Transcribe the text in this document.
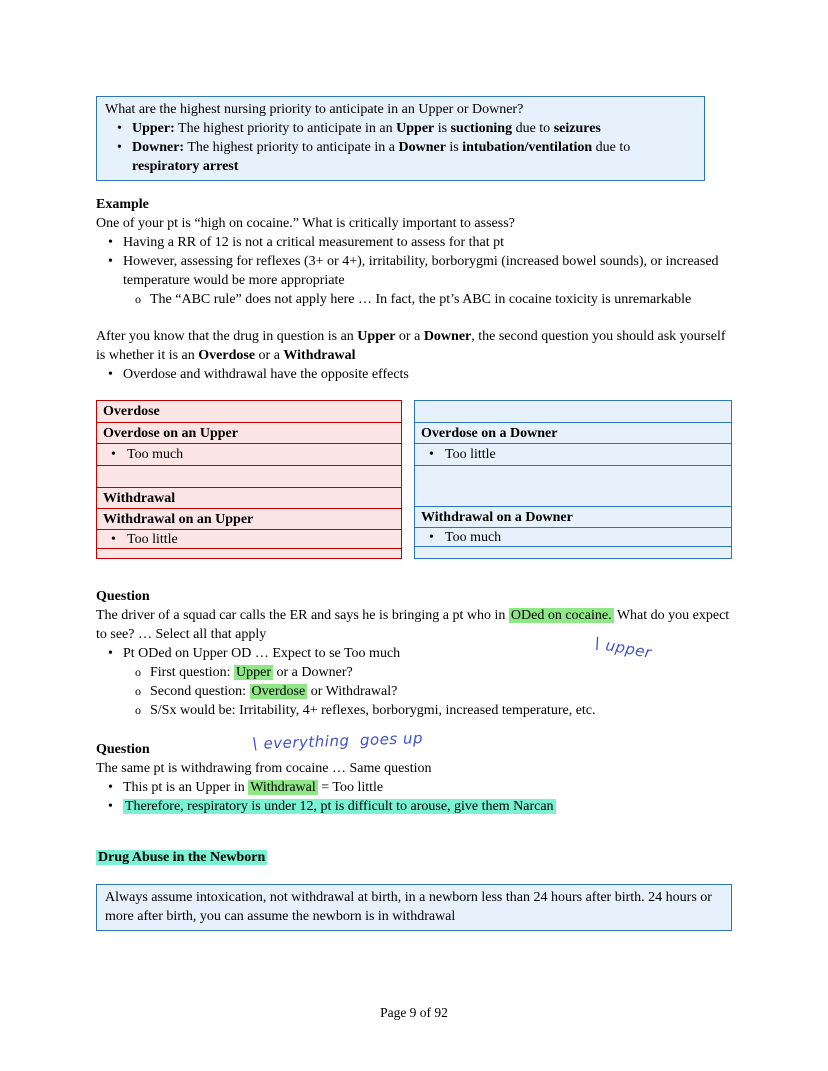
What are the highest nursing priority to anticipate in an Upper or Downer?
• Upper: The highest priority to anticipate in an Upper is suctioning due to seizures
• Downer: The highest priority to anticipate in a Downer is intubation/ventilation due to respiratory arrest
Example
One of your pt is “high on cocaine.” What is critically important to assess?
• Having a RR of 12 is not a critical measurement to assess for that pt
• However, assessing for reflexes (3+ or 4+), irritability, borborygmi (increased bowel sounds), or increased temperature would be more appropriate
o The “ABC rule” does not apply here … In fact, the pt’s ABC in cocaine toxicity is unremarkable
After you know that the drug in question is an Upper or a Downer, the second question you should ask yourself is whether it is an Overdose or a Withdrawal
• Overdose and withdrawal have the opposite effects
Overdose
Overdose on an Upper
• Too much
Withdrawal
Withdrawal on an Upper
• Too little
Overdose on a Downer
• Too little
Withdrawal on a Downer
• Too much
Question
The driver of a squad car calls the ER and says he is bringing a pt who in ODed on cocaine. What do you expect to see? … Select all that apply
• Pt ODed on Upper OD … Expect to se Too much
o First question: Upper or a Downer?
o Second question: Overdose or Withdrawal?
o S/Sx would be: Irritability, 4+ reflexes, borborygmi, increased temperature, etc.
Question
The same pt is withdrawing from cocaine … Same question
• This pt is an Upper in Withdrawal = Too little
• Therefore, respiratory is under 12, pt is difficult to arouse, give them Narcan
Drug Abuse in the Newborn
Always assume intoxication, not withdrawal at birth, in a newborn less than 24 hours after birth. 24 hours or more after birth, you can assume the newborn is in withdrawal
\ upper
\ everything  goes up
Page 9 of 92
